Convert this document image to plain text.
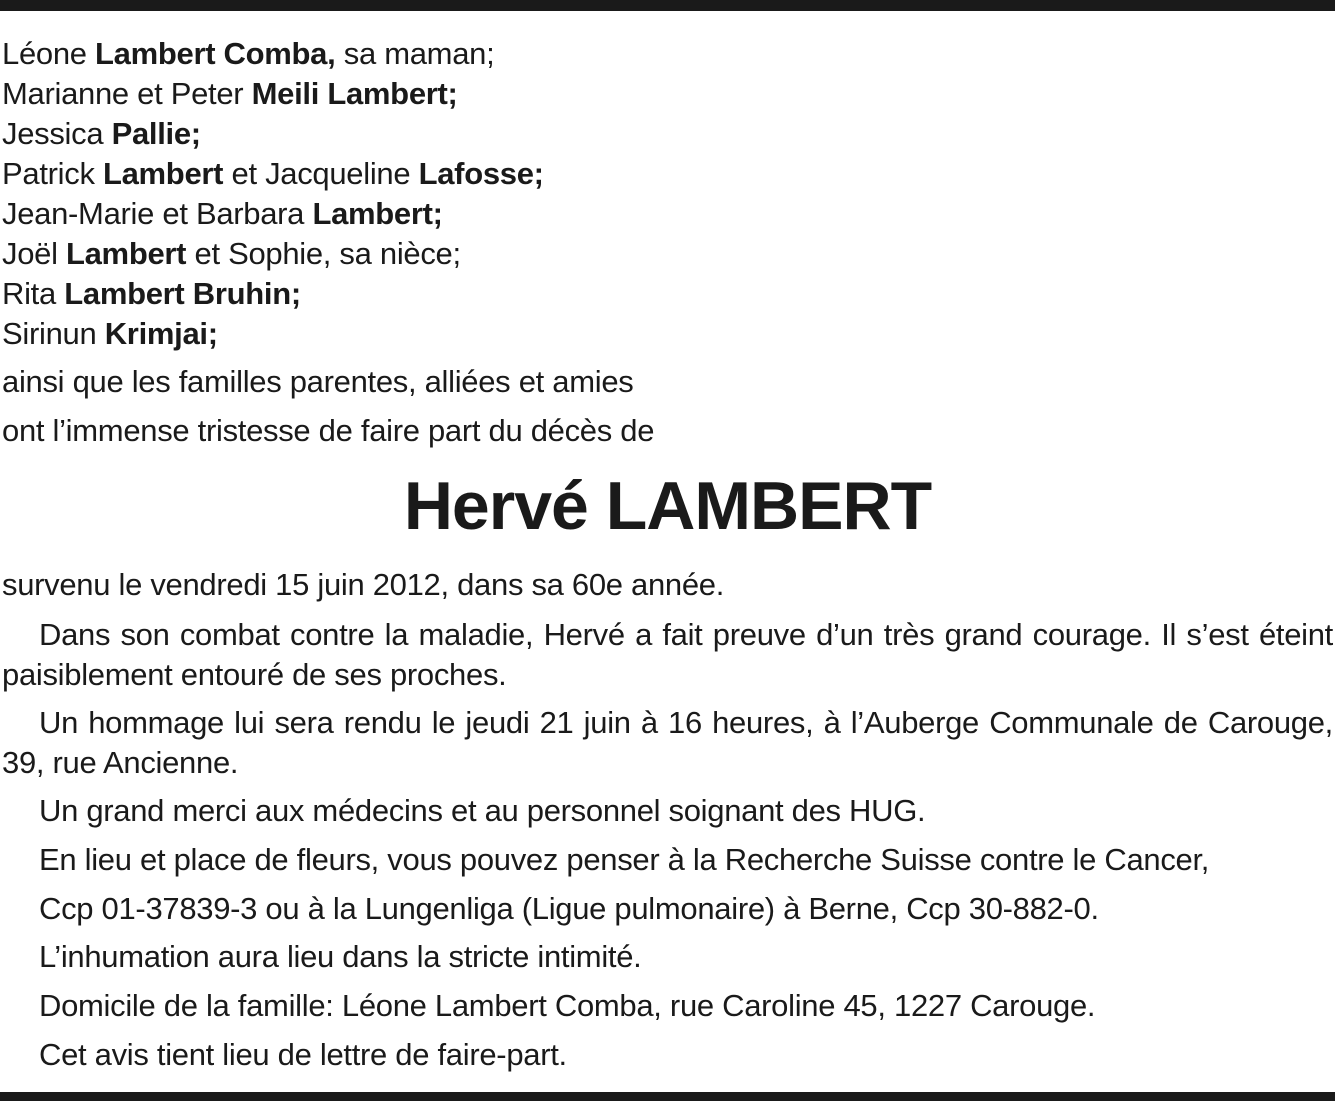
Léone Lambert Comba, sa maman;
Marianne et Peter Meili Lambert;
Jessica Pallie;
Patrick Lambert et Jacqueline Lafosse;
Jean-Marie et Barbara Lambert;
Joël Lambert et Sophie, sa nièce;
Rita Lambert Bruhin;
Sirinun Krimjai;
ainsi que les familles parentes, alliées et amies
ont l’immense tristesse de faire part du décès de
Hervé LAMBERT
survenu le vendredi 15 juin 2012, dans sa 60e année.
Dans son combat contre la maladie, Hervé a fait preuve d’un très grand courage. Il s’est éteint paisiblement entouré de ses proches.
Un hommage lui sera rendu le jeudi 21 juin à 16 heures, à l’Auberge Communale de Carouge, 39, rue Ancienne.
Un grand merci aux médecins et au personnel soignant des HUG.
En lieu et place de fleurs, vous pouvez penser à la Recherche Suisse contre le Cancer,
Ccp 01-37839-3 ou à la Lungenliga (Ligue pulmonaire) à Berne, Ccp 30-882-0.
L’inhumation aura lieu dans la stricte intimité.
Domicile de la famille: Léone Lambert Comba, rue Caroline 45, 1227 Carouge.
Cet avis tient lieu de lettre de faire-part.
